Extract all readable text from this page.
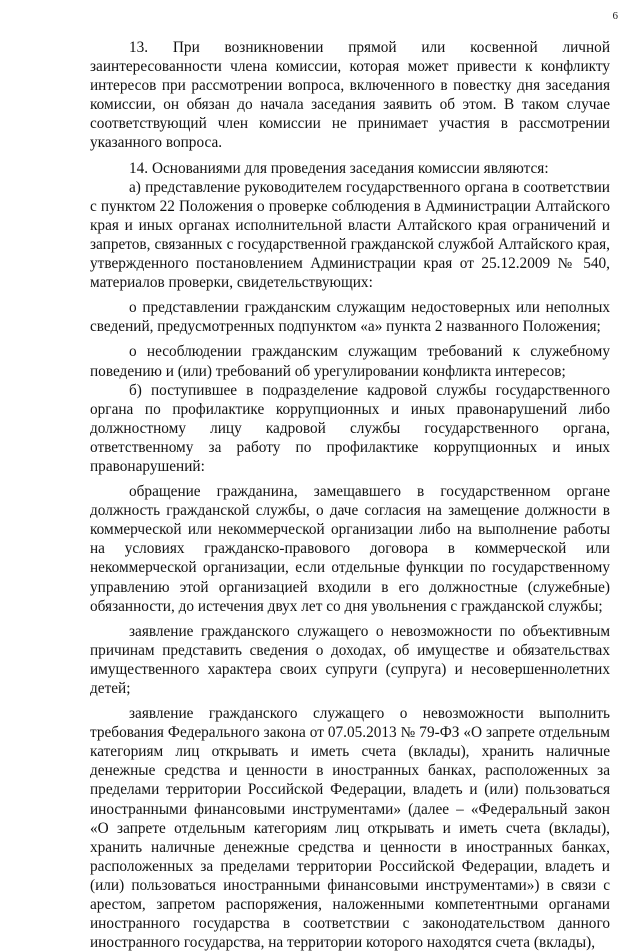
6

13. При возникновении прямой или косвенной личной заинтересованности члена комиссии, которая может привести к конфликту интересов при рассмотрении вопроса, включенного в повестку дня заседания комиссии, он обязан до начала заседания заявить об этом. В таком случае соответствующий член комиссии не принимает участия в рассмотрении указанного вопроса.

14. Основаниями для проведения заседания комиссии являются:

а) представление руководителем государственного органа в соответствии с пунктом 22 Положения о проверке соблюдения в Администрации Алтайского края и иных органах исполнительной власти Алтайского края ограничений и запретов, связанных с государственной гражданской службой Алтайского края, утвержденного постановлением Администрации края от 25.12.2009 № 540, материалов проверки, свидетельствующих:

о представлении гражданским служащим недостоверных или неполных сведений, предусмотренных подпунктом «а» пункта 2 названного Положения;

о несоблюдении гражданским служащим требований к служебному поведению и (или) требований об урегулировании конфликта интересов;

б) поступившее в подразделение кадровой службы государственного органа по профилактике коррупционных и иных правонарушений либо должностному лицу кадровой службы государственного органа, ответственному за работу по профилактике коррупционных и иных правонарушений:

обращение гражданина, замещавшего в государственном органе должность гражданской службы, о даче согласия на замещение должности в коммерческой или некоммерческой организации либо на выполнение работы на условиях гражданско-правового договора в коммерческой или некоммерческой организации, если отдельные функции по государственному управлению этой организацией входили в его должностные (служебные) обязанности, до истечения двух лет со дня увольнения с гражданской службы;

заявление гражданского служащего о невозможности по объективным причинам представить сведения о доходах, об имуществе и обязательствах имущественного характера своих супруги (супруга) и несовершеннолетних детей;

заявление гражданского служащего о невозможности выполнить требования Федерального закона от 07.05.2013 № 79-ФЗ «О запрете отдельным категориям лиц открывать и иметь счета (вклады), хранить наличные денежные средства и ценности в иностранных банках, расположенных за пределами территории Российской Федерации, владеть и (или) пользоваться иностранными финансовыми инструментами» (далее – «Федеральный закон «О запрете отдельным категориям лиц открывать и иметь счета (вклады), хранить наличные денежные средства и ценности в иностранных банках, расположенных за пределами территории Российской Федерации, владеть и (или) пользоваться иностранными финансовыми инструментами») в связи с арестом, запретом распоряжения, наложенными компетентными органами иностранного государства в соответствии с законодательством данного иностранного государства, на территории которого находятся счета (вклады),
